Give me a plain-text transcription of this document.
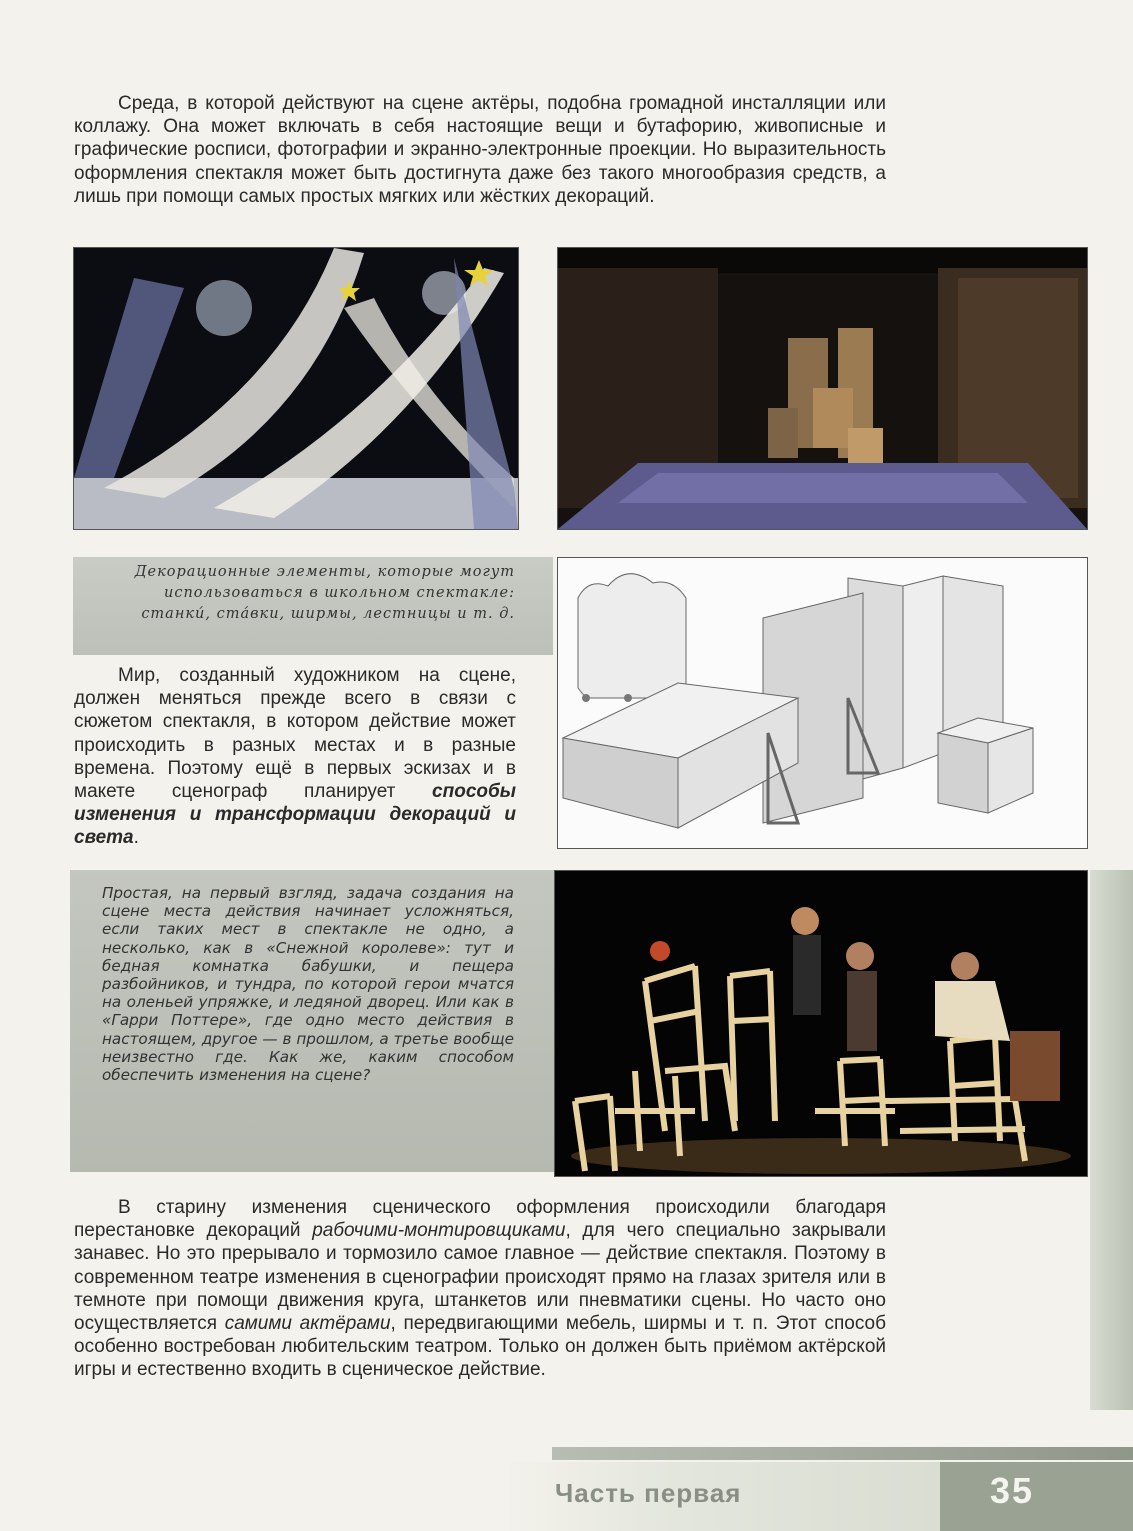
Среда, в которой действуют на сцене актёры, подобна громадной инсталляции или коллажу. Она может включать в себя настоящие вещи и бутафорию, живописные и графические росписи, фотографии и экранно-электронные проекции. Но выразительность оформления спектакля может быть достигнута даже без такого многообразия средств, а лишь при помощи самых простых мягких или жёстких декораций.

Декорационные элементы, которые могут использоваться в школьном спектакле: станки́, ста́вки, ширмы, лестницы и т. д.

Мир, созданный художником на сцене, должен меняться прежде всего в связи с сюжетом спектакля, в котором действие может происходить в разных местах и в разные времена. Поэтому ещё в первых эскизах и в макете сценограф планирует способы изменения и трансформации декораций и света.

Простая, на первый взгляд, задача создания на сцене места действия начинает усложняться, если таких мест в спектакле не одно, а несколько, как в «Снежной королеве»: тут и бедная комнатка бабушки, и пещера разбойников, и тундра, по которой герои мчатся на оленьей упряжке, и ледяной дворец. Или как в «Гарри Поттере», где одно место действия в настоящем, другое — в прошлом, а третье вообще неизвестно где. Как же, каким способом обеспечить изменения на сцене?

В старину изменения сценического оформления происходили благодаря перестановке декораций рабочими-монтировщиками, для чего специально закрывали занавес. Но это прерывало и тормозило самое главное — действие спектакля. Поэтому в современном театре изменения в сценографии происходят прямо на глазах зрителя или в темноте при помощи движения круга, штанкетов или пневматики сцены. Но часто оно осуществляется самими актёрами, передвигающими мебель, ширмы и т. п. Этот способ особенно востребован любительским театром. Только он должен быть приёмом актёрской игры и естественно входить в сценическое действие.

Часть первая	35
